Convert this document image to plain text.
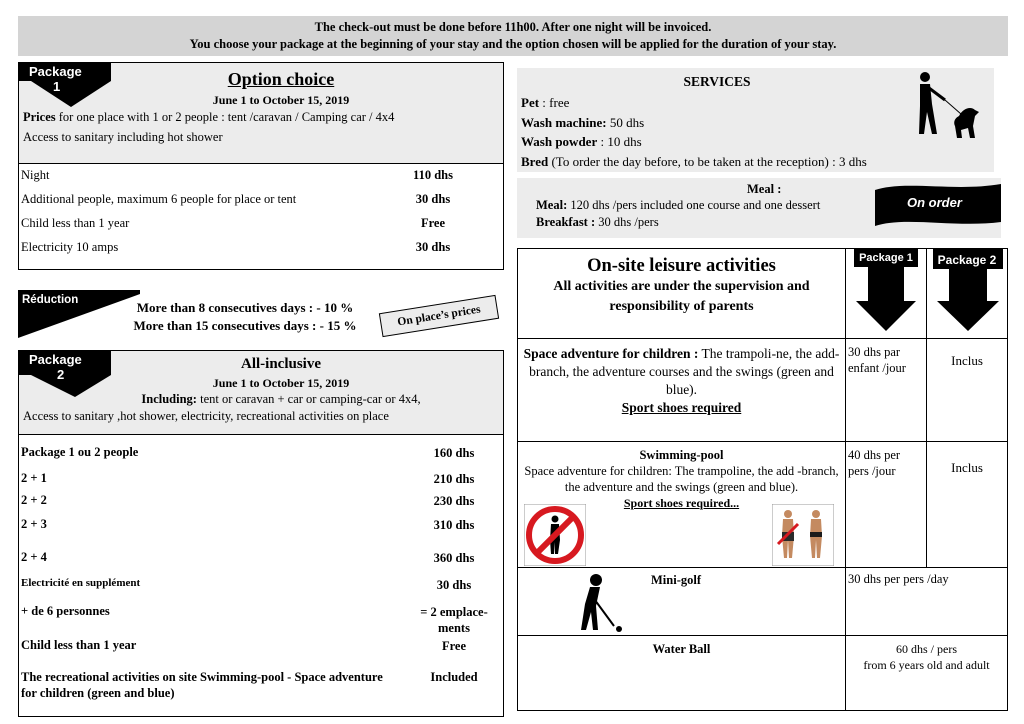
The check-out must be done before 11h00. After one night will be invoiced.
You choose your package at the beginning of your stay and the option chosen will be applied for the duration of your stay.
Package
1	Option choice
June 1 to October 15, 2019
Prices for one place with 1 or 2 people : tent /caravan / Camping car / 4x4
Access to sanitary including hot shower
Night	110 dhs
Additional people, maximum 6 people for place or tent	30 dhs
Child less than 1 year	Free
Electricity 10 amps	30 dhs
Réduction	More than 8 consecutives days : - 10 %
More than 15 consecutives days : - 15 %	On place’s prices
Package
2
All-inclusive
June 1 to October 15, 2019
Including: tent or caravan + car or camping-car or 4x4,
Access to sanitary ,hot shower, electricity, recreational activities on place
Package 1 ou 2 people	160 dhs
2 + 1	210 dhs
2 + 2	230 dhs
2 + 3	310 dhs
2 + 4	360 dhs
Electricité en supplément	30 dhs
+ de 6 personnes	= 2 emplace-
ments
Child less than 1 year	Free
The recreational activities on site Swimming-pool - Space adventure for children (green and blue)
Included
SERVICES
Pet : free
Wash machine: 50 dhs
Wash powder : 10 dhs
Bred (To order the day before, to be taken at the reception) : 3 dhs
Meal :
Meal: 120 dhs /pers included one course and one dessert
Breakfast : 30 dhs /pers
On order
On-site leisure activities
All activities are under the supervision and responsibility of parents	Package 1	Package 2

Space adventure for children : The trampoli-ne, the add-branch, the adventure courses and the swings (green and blue).
Sport shoes required	30 dhs par enfant /jour	Inclus

Swimming-pool
Space adventure for children: The trampoline, the add -branch, the adventure and the swings (green and blue).
Sport shoes required...	40 dhs per pers /jour	Inclus

Mini-golf	30 dhs per pers /day	
Water Ball	60 dhs / pers
from 6 years old and adult	
